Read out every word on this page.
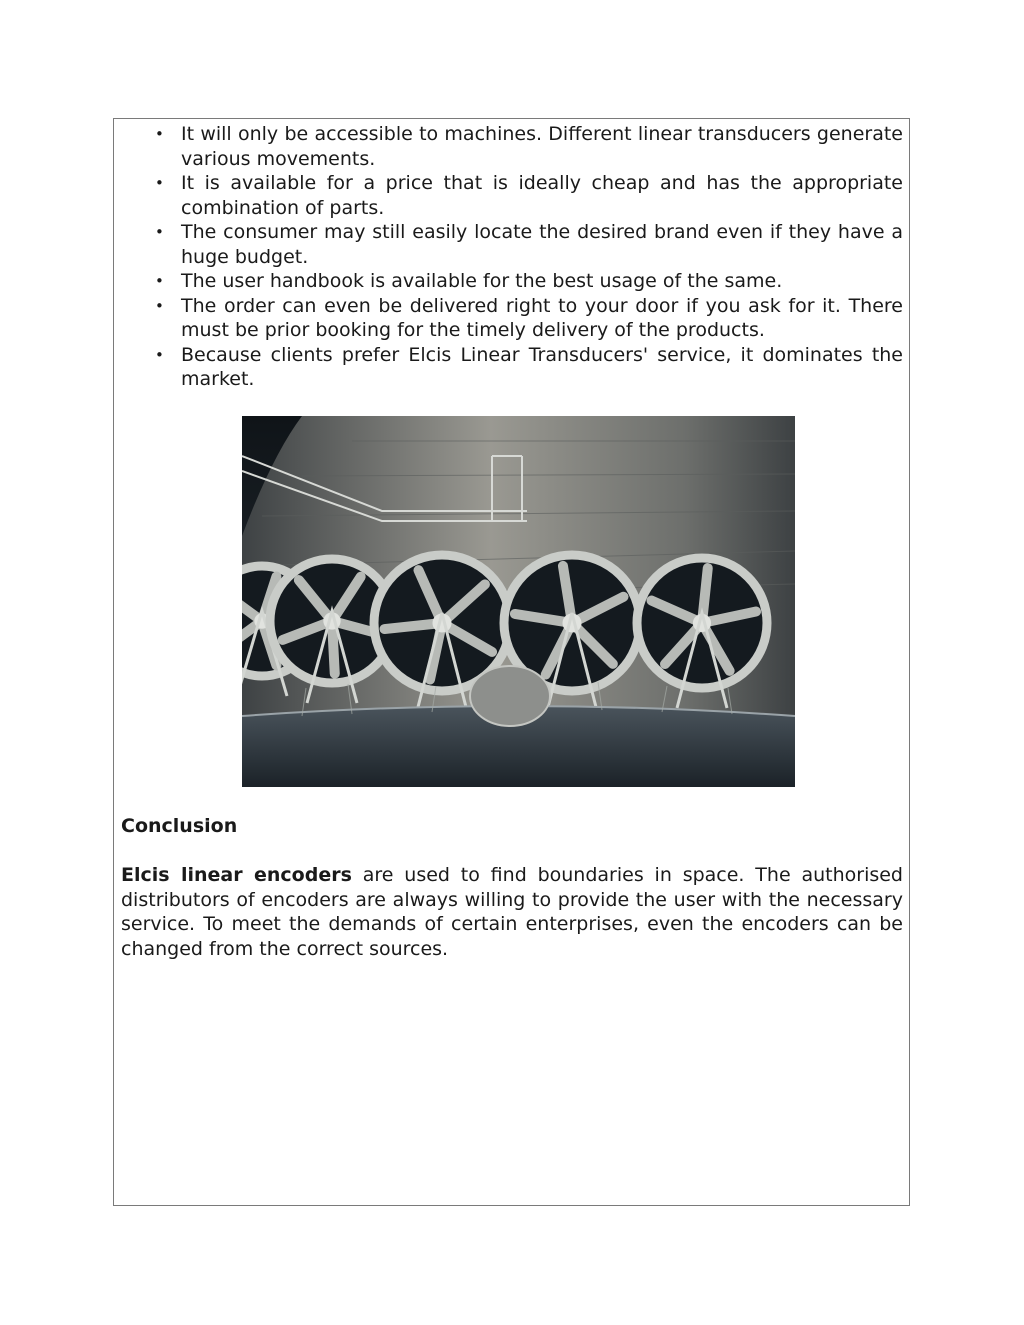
• It will only be accessible to machines. Different linear transducers generate various movements.
• It is available for a price that is ideally cheap and has the appropriate combination of parts.
• The consumer may still easily locate the desired brand even if they have a huge budget.
• The user handbook is available for the best usage of the same.
• The order can even be delivered right to your door if you ask for it. There must be prior booking for the timely delivery of the products.
• Because clients prefer Elcis Linear Transducers' service, it dominates the market.

Conclusion

Elcis linear encoders are used to find boundaries in space. The authorised distributors of encoders are always willing to provide the user with the necessary service. To meet the demands of certain enterprises, even the encoders can be changed from the correct sources.
